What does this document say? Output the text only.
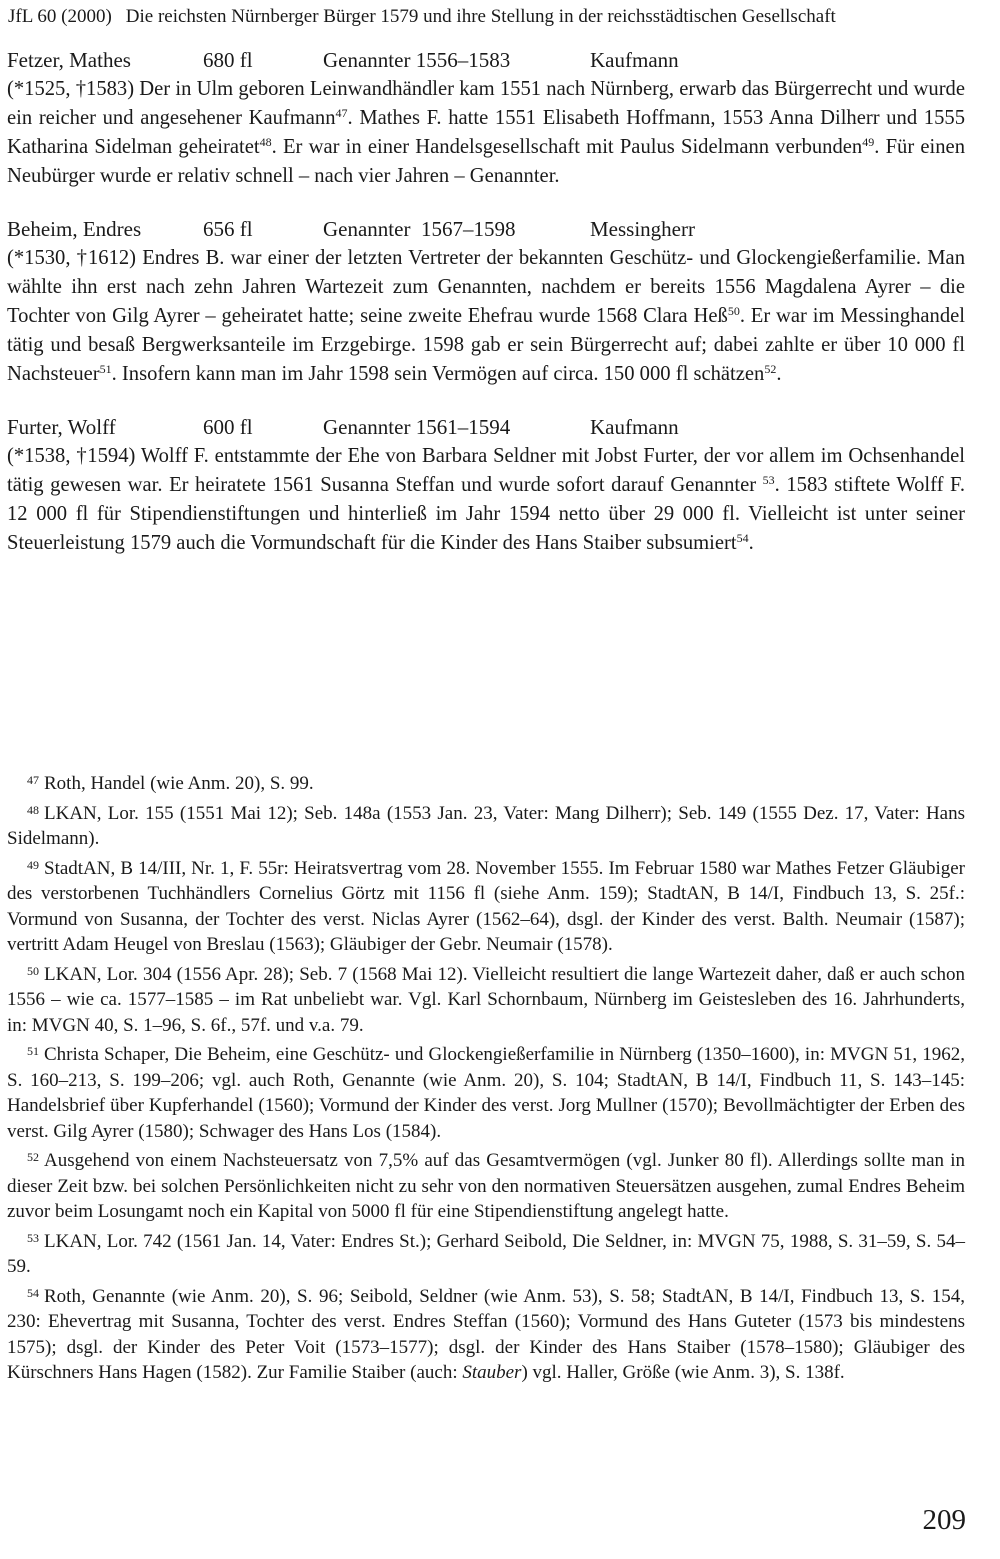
JfL 60 (2000) Die reichsten Nürnberger Bürger 1579 und ihre Stellung in der reichsstädtischen Gesellschaft
Fetzer, Mathes	680 fl	Genannter 1556–1583	Kaufmann

(*1525, †1583) Der in Ulm geboren Leinwandhändler kam 1551 nach Nürnberg, erwarb das Bürgerrecht und wurde ein reicher und angesehener Kaufmann$^{47}$. Mathes F. hatte 1551 Elisabeth Hoffmann, 1553 Anna Dilherr und 1555 Katharina Sidelman geheiratet$^{48}$. Er war in einer Handelsgesellschaft mit Paulus Sidelmann verbunden$^{49}$. Für einen Neubürger wurde er relativ schnell – nach vier Jahren – Genannter.

Beheim, Endres	656 fl	Genannter  1567–1598	Messingherr

(*1530, †1612) Endres B. war einer der letzten Vertreter der bekannten Geschütz- und Glockengießerfamilie. Man wählte ihn erst nach zehn Jahren Wartezeit zum Genannten, nachdem er bereits 1556 Magdalena Ayrer – die Tochter von Gilg Ayrer – geheiratet hatte; seine zweite Ehefrau wurde 1568 Clara Heß$^{50}$. Er war im Messinghandel tätig und besaß Bergwerksanteile im Erzgebirge. 1598 gab er sein Bürgerrecht auf; dabei zahlte er über 10 000 fl Nachsteuer$^{51}$. Insofern kann man im Jahr 1598 sein Vermögen auf circa. 150 000 fl schätzen$^{52}$.

Furter, Wolff	600 fl	Genannter 1561–1594	Kaufmann

(*1538, †1594) Wolff F. entstammte der Ehe von Barbara Seldner mit Jobst Furter, der vor allem im Ochsenhandel tätig gewesen war. Er heiratete 1561 Susanna Steffan und wurde sofort darauf Genannter $^{53}$. 1583 stiftete Wolff F. 12 000 fl für Stipendienstiftungen und hinterließ im Jahr 1594 netto über 29 000 fl. Vielleicht ist unter seiner Steuerleistung 1579 auch die Vormundschaft für die Kinder des Hans Staiber subsumiert$^{54}$.

$^{47}$ Roth, Handel (wie Anm. 20), S. 99.

$^{48}$ LKAN, Lor. 155 (1551 Mai 12); Seb. 148a (1553 Jan. 23, Vater: Mang Dilherr); Seb. 149 (1555 Dez. 17, Vater: Hans Sidelmann).

$^{49}$ StadtAN, B 14/III, Nr. 1, F. 55r: Heiratsvertrag vom 28. November 1555. Im Februar 1580 war Mathes Fetzer Gläubiger des verstorbenen Tuchhändlers Cornelius Görtz mit 1156 fl (siehe Anm. 159); StadtAN, B 14/I, Findbuch 13, S. 25f.: Vormund von Susanna, der Tochter des verst. Niclas Ayrer (1562–64), dsgl. der Kinder des verst. Balth. Neumair (1587); vertritt Adam Heugel von Breslau (1563); Gläubiger der Gebr. Neumair (1578).

$^{50}$ LKAN, Lor. 304 (1556 Apr. 28); Seb. 7 (1568 Mai 12). Vielleicht resultiert die lange Wartezeit daher, daß er auch schon 1556 – wie ca. 1577–1585 – im Rat unbeliebt war. Vgl. Karl Schornbaum, Nürnberg im Geistesleben des 16. Jahrhunderts, in: MVGN 40, S. 1–96, S. 6f., 57f. und v.a. 79.

$^{51}$ Christa Schaper, Die Beheim, eine Geschütz- und Glockengießerfamilie in Nürnberg (1350–1600), in: MVGN 51, 1962, S. 160–213, S. 199–206; vgl. auch Roth, Genannte (wie Anm. 20), S. 104; StadtAN, B 14/I, Findbuch 11, S. 143–145: Handelsbrief über Kupferhandel (1560); Vormund der Kinder des verst. Jorg Mullner (1570); Bevollmächtigter der Erben des verst. Gilg Ayrer (1580); Schwager des Hans Los (1584).

$^{52}$ Ausgehend von einem Nachsteuersatz von 7,5% auf das Gesamtvermögen (vgl. Junker 80 fl). Allerdings sollte man in dieser Zeit bzw. bei solchen Persönlichkeiten nicht zu sehr von den normativen Steuersätzen ausgehen, zumal Endres Beheim zuvor beim Losungamt noch ein Kapital von 5000 fl für eine Stipendienstiftung angelegt hatte.

$^{53}$ LKAN, Lor. 742 (1561 Jan. 14, Vater: Endres St.); Gerhard Seibold, Die Seldner, in: MVGN 75, 1988, S. 31–59, S. 54–59.

$^{54}$ Roth, Genannte (wie Anm. 20), S. 96; Seibold, Seldner (wie Anm. 53), S. 58; StadtAN, B 14/I, Findbuch 13, S. 154, 230: Ehevertrag mit Susanna, Tochter des verst. Endres Steffan (1560); Vormund des Hans Guteter (1573 bis mindestens 1575); dsgl. der Kinder des Peter Voit (1573–1577); dsgl. der Kinder des Hans Staiber (1578–1580); Gläubiger des Kürschners Hans Hagen (1582). Zur Familie Staiber (auch: Stauber) vgl. Haller, Größe (wie Anm. 3), S. 138f.

209
